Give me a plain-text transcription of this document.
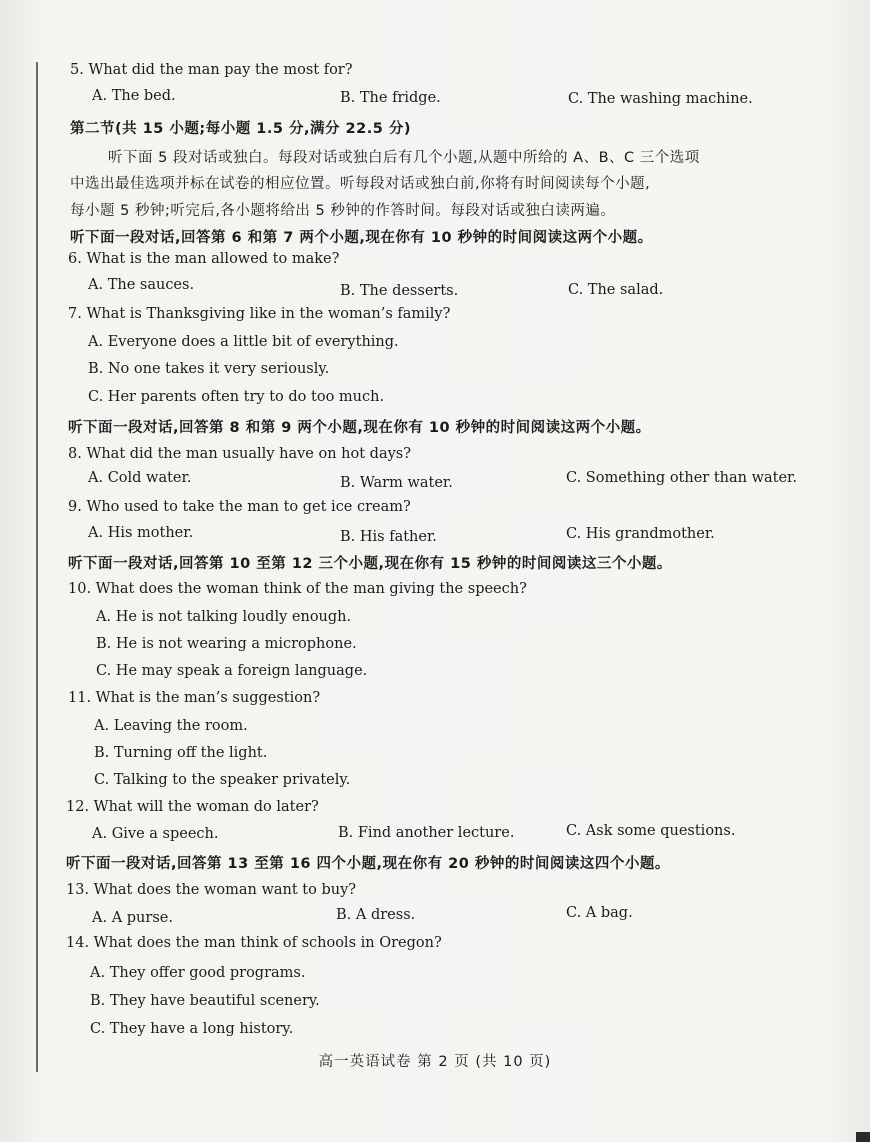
5. What did the man pay the most for?
A. The bed.	B. The fridge.	C. The washing machine.
第二节(共 15 小题;每小题 1.5 分,满分 22.5 分)
听下面 5 段对话或独白。每段对话或独白后有几个小题,从题中所给的 A、B、C 三个选项
中选出最佳选项并标在试卷的相应位置。听每段对话或独白前,你将有时间阅读每个小题,
每小题 5 秒钟;听完后,各小题将给出 5 秒钟的作答时间。每段对话或独白读两遍。
听下面一段对话,回答第 6 和第 7 两个小题,现在你有 10 秒钟的时间阅读这两个小题。
6. What is the man allowed to make?
A. The sauces.	B. The desserts.	C. The salad.
7. What is Thanksgiving like in the woman’s family?
A. Everyone does a little bit of everything.
B. No one takes it very seriously.
C. Her parents often try to do too much.
听下面一段对话,回答第 8 和第 9 两个小题,现在你有 10 秒钟的时间阅读这两个小题。
8. What did the man usually have on hot days?
A. Cold water.	B. Warm water.	C. Something other than water.
9. Who used to take the man to get ice cream?
A. His mother.	B. His father.	C. His grandmother.
听下面一段对话,回答第 10 至第 12 三个小题,现在你有 15 秒钟的时间阅读这三个小题。
10. What does the woman think of the man giving the speech?
A. He is not talking loudly enough.
B. He is not wearing a microphone.
C. He may speak a foreign language.
11. What is the man’s suggestion?
A. Leaving the room.
B. Turning off the light.
C. Talking to the speaker privately.
12. What will the woman do later?
A. Give a speech.	B. Find another lecture.	C. Ask some questions.
听下面一段对话,回答第 13 至第 16 四个小题,现在你有 20 秒钟的时间阅读这四个小题。
13. What does the woman want to buy?
A. A purse.	B. A dress.	C. A bag.
14. What does the man think of schools in Oregon?
A. They offer good programs.
B. They have beautiful scenery.
C. They have a long history.
高一英语试卷 第 2 页 (共 10 页)
